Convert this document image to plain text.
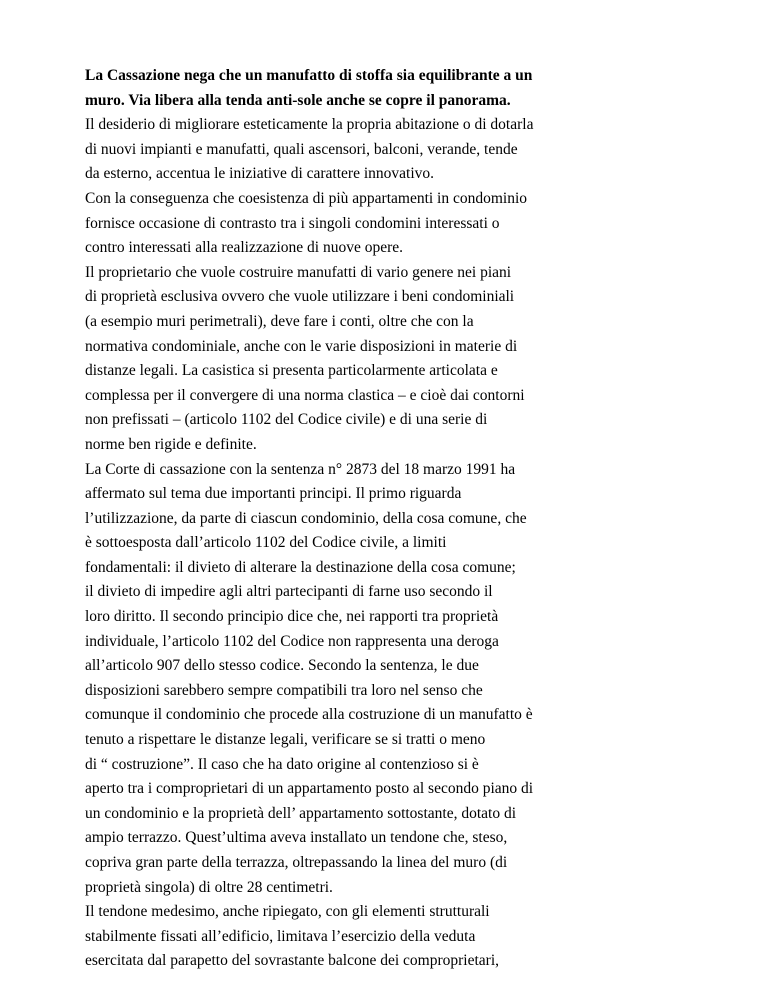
La Cassazione nega che un manufatto di stoffa sia equilibrante a un
muro. Via libera alla tenda anti-sole anche se copre il panorama.
Il desiderio di migliorare esteticamente la propria abitazione o di dotarla
di nuovi impianti e manufatti, quali ascensori, balconi, verande, tende
da esterno, accentua le iniziative di carattere innovativo.
Con la conseguenza che coesistenza di più appartamenti in condominio
fornisce occasione di contrasto tra i singoli condomini interessati o
contro interessati alla realizzazione di nuove opere.
Il proprietario che vuole costruire manufatti di vario genere nei piani
di proprietà esclusiva ovvero che vuole utilizzare i beni condominiali
(a esempio muri perimetrali), deve fare i conti, oltre che con la
normativa condominiale, anche con le varie disposizioni in materie di
distanze legali. La casistica si presenta particolarmente articolata e
complessa per il convergere di una norma clastica – e cioè dai contorni
non prefissati – (articolo 1102 del Codice civile) e di una serie di
norme ben rigide e definite.
La Corte di cassazione con la sentenza n° 2873 del 18 marzo 1991 ha
affermato sul tema due importanti principi. Il primo riguarda
l’utilizzazione, da parte di ciascun condominio, della cosa comune, che
è sottoesposta dall’articolo 1102 del Codice civile, a limiti
fondamentali: il divieto di alterare la destinazione della cosa comune;
il divieto di impedire agli altri partecipanti di farne uso secondo il
loro diritto. Il secondo principio dice che, nei rapporti tra proprietà
individuale, l’articolo 1102 del Codice non rappresenta una deroga
all’articolo 907 dello stesso codice. Secondo la sentenza, le due
disposizioni sarebbero sempre compatibili tra loro nel senso che
comunque il condominio che procede alla costruzione di un manufatto è
tenuto a rispettare le distanze legali, verificare se si tratti o meno
di “ costruzione”. Il caso che ha dato origine al contenzioso si è
aperto tra i comproprietari di un appartamento posto al secondo piano di
un condominio e la proprietà dell’ appartamento sottostante, dotato di
ampio terrazzo. Quest’ultima aveva installato un tendone che, steso,
copriva gran parte della terrazza, oltrepassando la linea del muro (di
proprietà singola) di oltre 28 centimetri.
Il tendone medesimo, anche ripiegato, con gli elementi strutturali
stabilmente fissati all’edificio, limitava l’esercizio della veduta
esercitata dal parapetto del sovrastante balcone dei comproprietari,
